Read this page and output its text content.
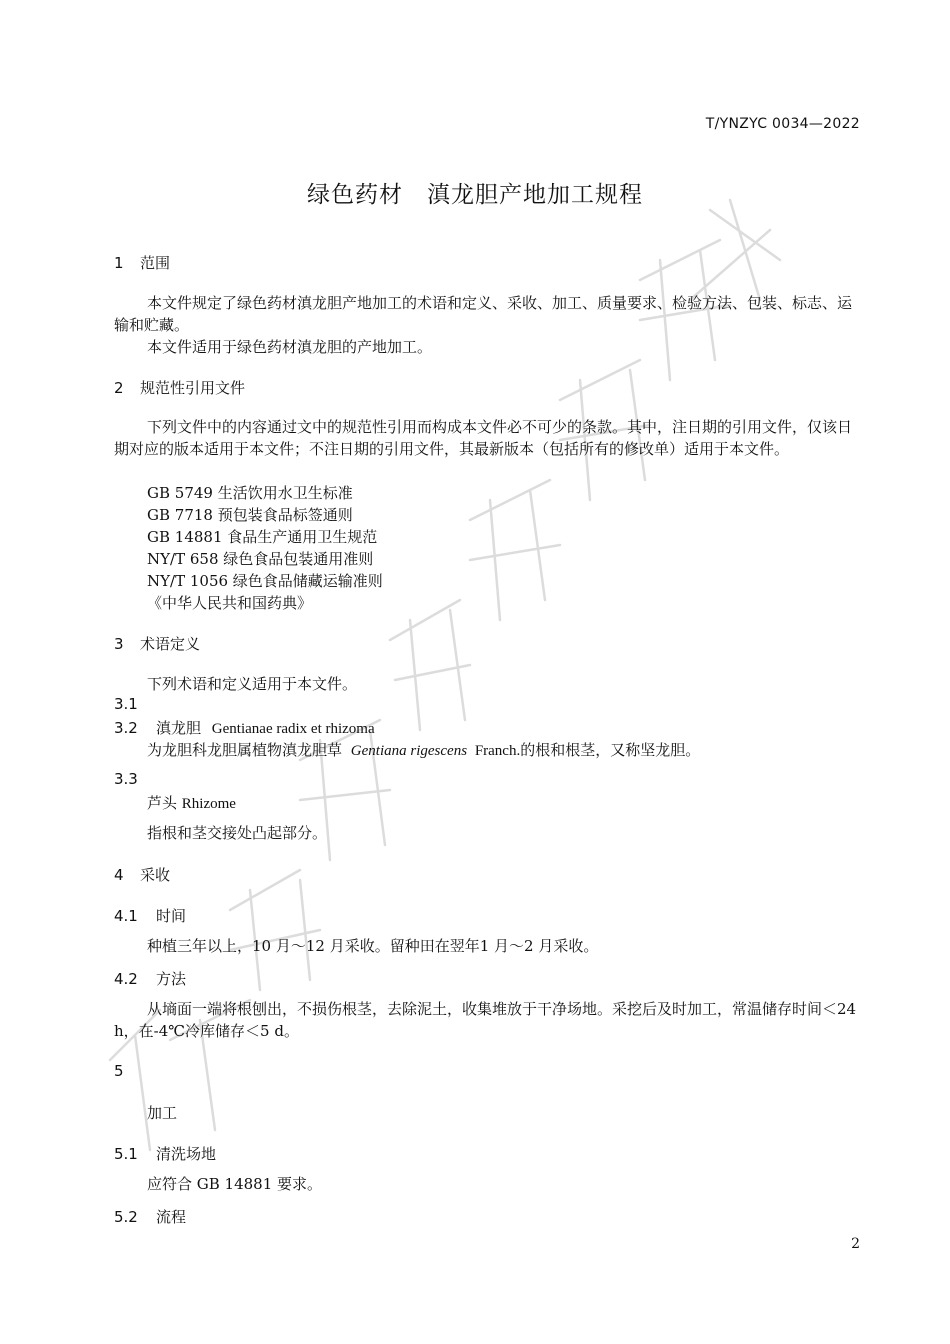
T/YNZYC 0034—2022
绿色药材　滇龙胆产地加工规程
1 范围
本文件规定了绿色药材滇龙胆产地加工的术语和定义、采收、加工、质量要求、检验方法、包装、标志、运输和贮藏。
本文件适用于绿色药材滇龙胆的产地加工。
2 规范性引用文件
下列文件中的内容通过文中的规范性引用而构成本文件必不可少的条款。其中，注日期的引用文件，仅该日期对应的版本适用于本文件；不注日期的引用文件，其最新版本（包括所有的修改单）适用于本文件。
GB 5749 生活饮用水卫生标准
GB 7718 预包装食品标签通则
GB 14881 食品生产通用卫生规范
NY/T 658 绿色食品包装通用准则
NY/T 1056 绿色食品储藏运输准则
《中华人民共和国药典》
3 术语定义
下列术语和定义适用于本文件。
3.1
3.2 滇龙胆 Gentianae radix et rhizoma
为龙胆科龙胆属植物滇龙胆草 Gentiana rigescens Franch.的根和根茎，又称坚龙胆。
3.3
芦头 Rhizome
指根和茎交接处凸起部分。
4 采收
4.1 时间
种植三年以上，10 月～12 月采收。留种田在翌年1 月～2 月采收。
4.2 方法
从墒面一端将根刨出，不损伤根茎，去除泥土，收集堆放于干净场地。采挖后及时加工，常温储存时间＜24 h，在-4℃冷库储存＜5 d。
5
加工
5.1 清洗场地
应符合 GB 14881 要求。
5.2 流程
2
